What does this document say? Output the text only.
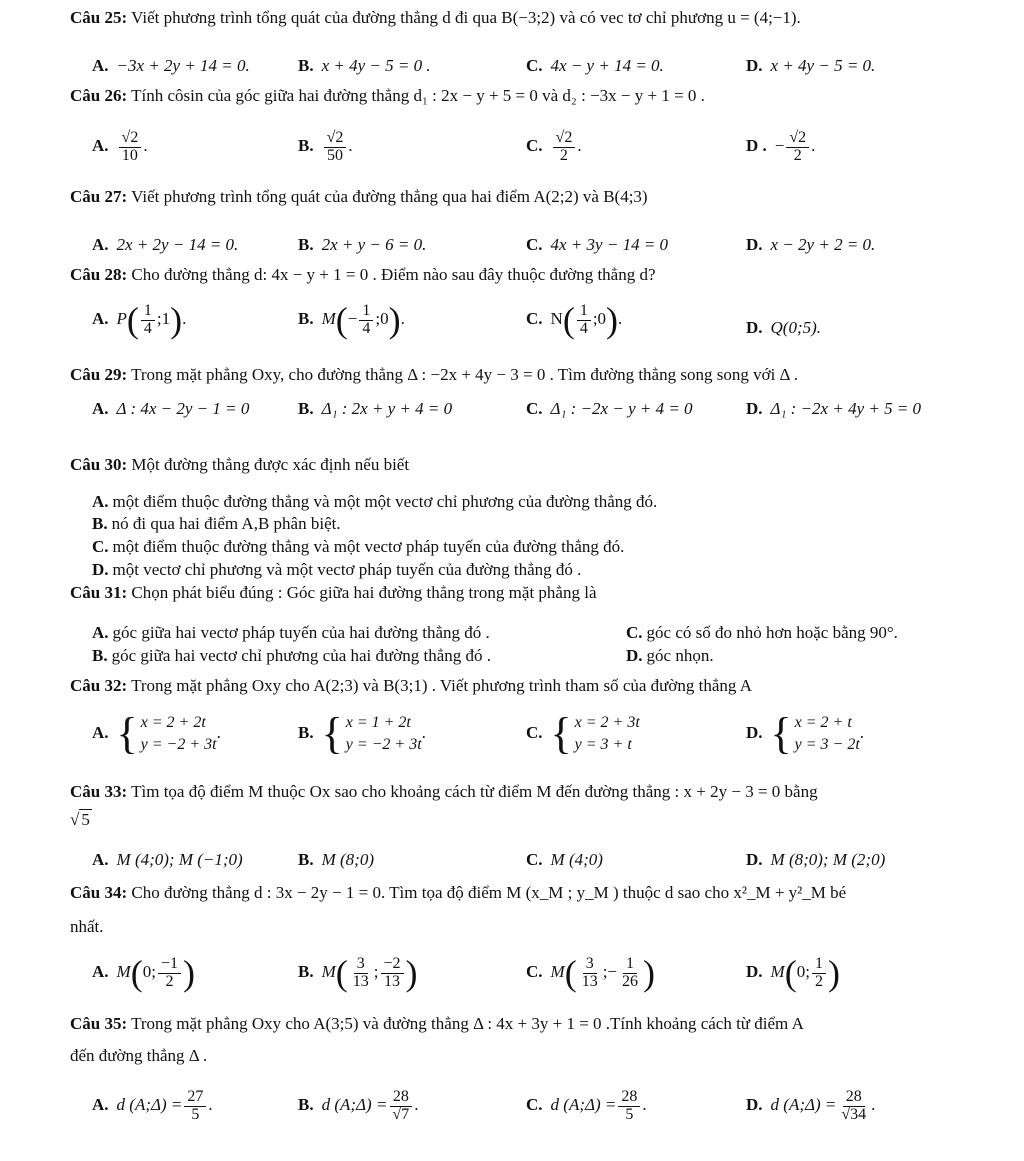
Câu 25: Viết phương trình tổng quát của đường thẳng d đi qua B(−3;2) và có vec tơ chỉ phương u = (4;−1).
A. −3x + 2y + 14 = 0.	B. x + 4y − 5 = 0 .	C. 4x − y + 14 = 0.	D. x + 4y − 5 = 0.
Câu 26: Tính côsin của góc giữa hai đường thẳng d₁ : 2x − y + 5 = 0 và d₂ : −3x − y + 1 = 0 .
A. $\frac{√2}{10}$ .	B. $\frac{√2}{50}$ .	C. $\frac{√2}{2}$ .	D . − $\frac{√2}{2}$ .
Câu 27: Viết phương trình tổng quát của đường thẳng qua hai điểm A(2;2) và B(4;3)
A. 2x + 2y − 14 = 0.	B. 2x + y − 6 = 0.	C. 4x + 3y − 14 = 0	D. x − 2y + 2 = 0.
Câu 28: Cho đường thẳng d: 4x − y + 1 = 0 . Điểm nào sau đây thuộc đường thẳng d?
A. $P( \frac{1}{4}$ ;1).	B. $M(- \frac{1}{4}$ ;0).	C. $N( \frac{1}{4}$ ;0).	D. Q(0;5).
Câu 29: Trong mặt phẳng Oxy, cho đường thẳng Δ : −2x + 4y − 3 = 0 . Tìm đường thẳng song song với Δ .
A. Δ : 4x − 2y − 1 = 0	B. Δ₁ : 2x + y + 4 = 0	C. Δ₁ : −2x − y + 4 = 0	D. Δ₁ : −2x + 4y + 5 = 0
Câu 30: Một đường thẳng được xác định nếu biết
A. một điểm thuộc đường thẳng và một một vectơ chỉ phương của đường thẳng đó.
B. nó đi qua hai điểm A,B phân biệt.
C. một điểm thuộc đường thẳng và một vectơ pháp tuyến của đường thẳng đó.
D. một vectơ chỉ phương và một vectơ pháp tuyến của đường thẳng đó .
Câu 31: Chọn phát biểu đúng : Góc giữa hai đường thẳng trong mặt phẳng là
A. góc giữa hai vectơ pháp tuyến của hai đường thẳng đó .	C. góc có số đo nhỏ hơn hoặc bằng 90°.
B. góc giữa hai vectơ chỉ phương của hai đường thẳng đó .	D. góc nhọn.
Câu 32: Trong mặt phẳng Oxy cho A(2;3) và B(3;1) . Viết phương trình tham số của đường thẳng A
A. { x = 2 + 2t
y = −2 + 3t
.	B. { x = 1 + 2t
y = −2 + 3t
.	C. { x = 2 + 3t
y = 3 + t
D. { x = 2 + t
y = 3 − 2t
.
Câu 33: Tìm tọa độ điểm M thuộc Ox sao cho khoảng cách từ điểm M đến đường thẳng : x + 2y − 3 = 0 bằng
√ 5
A. M (4;0); M (−1;0)	B. M (8;0)	C. M (4;0)	D. M (8;0); M (2;0)
Câu 34: Cho đường thẳng d : 3x − 2y − 1 = 0. Tìm tọa độ điểm M (x_M ; y_M ) thuộc d sao cho x²_M + y²_M bé
nhất.
A. M(0; $\frac{-1}{2}$ )	B. $M( \frac{3}{13}$ ; $\frac{-2}{13}$ )	C. $M( \frac{3}{13}$ ;− $\frac{1}{26}$ )	D. M(0; $\frac{1}{2}$ )
Câu 35: Trong mặt phẳng Oxy cho A(3;5) và đường thẳng Δ : 4x + 3y + 1 = 0 .Tính khoảng cách từ điểm A
đến đường thẳng Δ .
A. d (A;Δ) = $\frac{27}{5}$ .	B. d (A;Δ) = $\frac{28}{√7}$ .	C. d (A;Δ) = $\frac{28}{5}$ .	D. d (A;Δ) = $\frac{28}{√34}$ .
